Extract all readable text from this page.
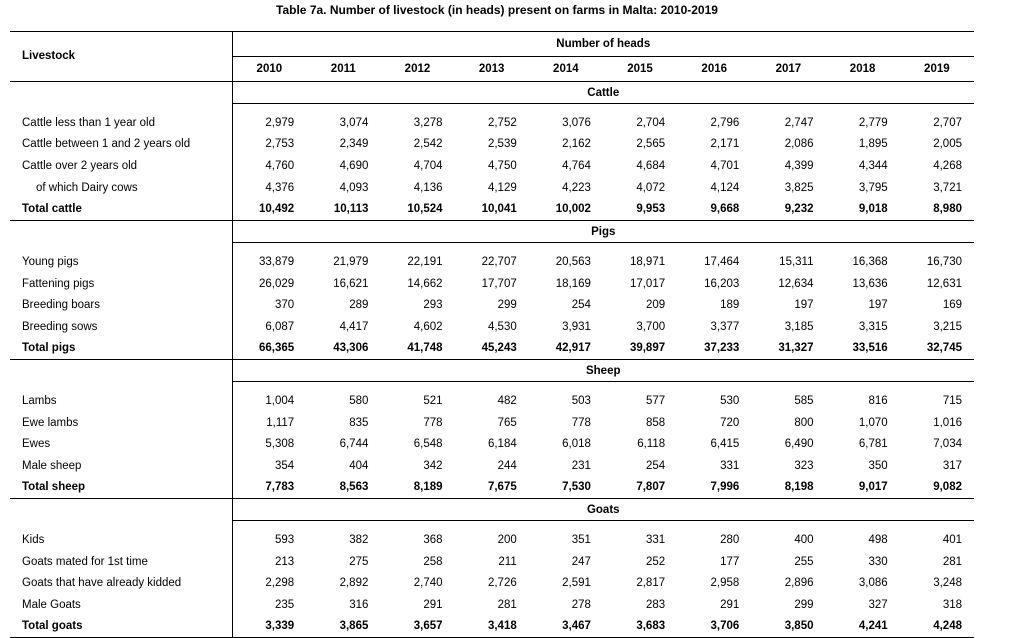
Table 7a. Number of livestock (in heads) present on farms in Malta: 2010-2019
Livestock	Number of heads									
	2010	2011	2012	2013	2014	2015	2016	2017	2018	2019
	Cattle									

Cattle less than 1 year old	2,979	3,074	3,278	2,752	3,076	2,704	2,796	2,747	2,779	2,707
Cattle between 1 and 2 years old	2,753	2,349	2,542	2,539	2,162	2,565	2,171	2,086	1,895	2,005
Cattle over 2 years old	4,760	4,690	4,704	4,750	4,764	4,684	4,701	4,399	4,344	4,268
of which Dairy cows	4,376	4,093	4,136	4,129	4,223	4,072	4,124	3,825	3,795	3,721
Total cattle	10,492	10,113	10,524	10,041	10,002	9,953	9,668	9,232	9,018	8,980
	Pigs									

Young pigs	33,879	21,979	22,191	22,707	20,563	18,971	17,464	15,311	16,368	16,730
Fattening pigs	26,029	16,621	14,662	17,707	18,169	17,017	16,203	12,634	13,636	12,631
Breeding boars	370	289	293	299	254	209	189	197	197	169
Breeding sows	6,087	4,417	4,602	4,530	3,931	3,700	3,377	3,185	3,315	3,215
Total pigs	66,365	43,306	41,748	45,243	42,917	39,897	37,233	31,327	33,516	32,745
	Sheep									

Lambs	1,004	580	521	482	503	577	530	585	816	715
Ewe lambs	1,117	835	778	765	778	858	720	800	1,070	1,016
Ewes	5,308	6,744	6,548	6,184	6,018	6,118	6,415	6,490	6,781	7,034
Male sheep	354	404	342	244	231	254	331	323	350	317
Total sheep	7,783	8,563	8,189	7,675	7,530	7,807	7,996	8,198	9,017	9,082
	Goats									

Kids	593	382	368	200	351	331	280	400	498	401
Goats mated for 1st time	213	275	258	211	247	252	177	255	330	281
Goats that have already kidded	2,298	2,892	2,740	2,726	2,591	2,817	2,958	2,896	3,086	3,248
Male Goats	235	316	291	281	278	283	291	299	327	318
Total goats	3,339	3,865	3,657	3,418	3,467	3,683	3,706	3,850	4,241	4,248
